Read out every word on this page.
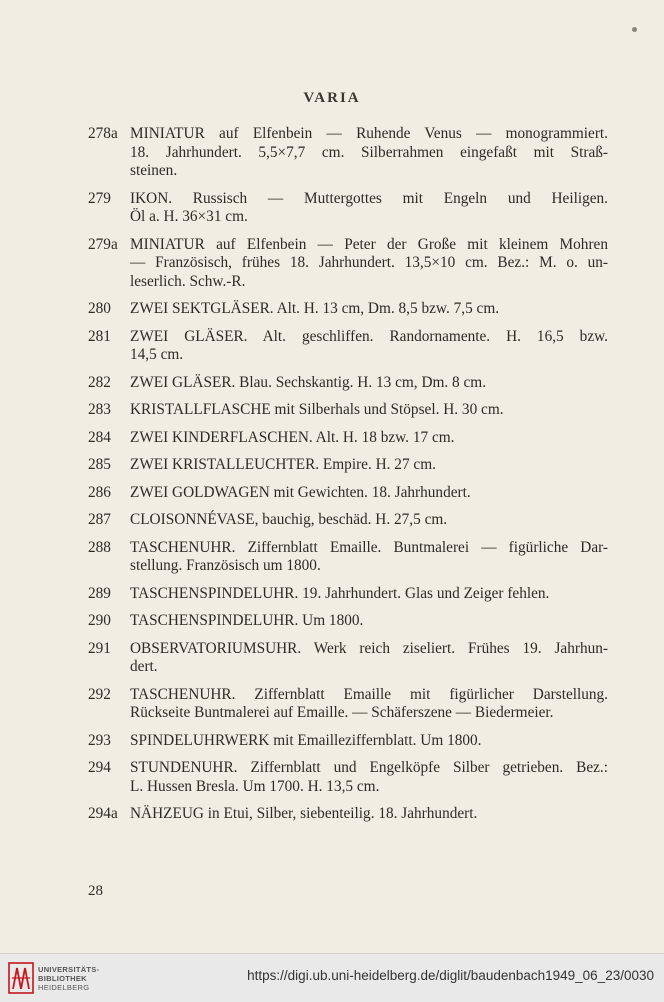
VARIA
278a MINIATUR auf Elfenbein — Ruhende Venus — monogrammiert.
18. Jahrhundert. 5,5×7,7 cm. Silberrahmen eingefaßt mit Straß-
steinen.
279	IKON. Russisch — Muttergottes mit Engeln und Heiligen.
Öl a. H. 36×31 cm.
279a MINIATUR auf Elfenbein — Peter der Große mit kleinem Mohren
— Französisch, frühes 18. Jahrhundert. 13,5×10 cm. Bez.: M. o. un-
leserlich. Schw.-R.
280	ZWEI SEKTGLÄSER. Alt. H. 13 cm, Dm. 8,5 bzw. 7,5 cm.
281	ZWEI GLÄSER. Alt. geschliffen. Randornamente. H. 16,5 bzw.
14,5 cm.
282	ZWEI GLÄSER. Blau. Sechskantig. H. 13 cm, Dm. 8 cm.
283	KRISTALLFLASCHE mit Silberhals und Stöpsel. H. 30 cm.
284	ZWEI KINDERFLASCHEN. Alt. H. 18 bzw. 17 cm.
285	ZWEI KRISTALLEUCHTER. Empire. H. 27 cm.
286	ZWEI GOLDWAGEN mit Gewichten. 18. Jahrhundert.
287	CLOISONNÉVASE, bauchig, beschäd. H. 27,5 cm.
288	TASCHENUHR. Ziffernblatt Emaille. Buntmalerei — figürliche Dar-
stellung. Französisch um 1800.
289	TASCHENSPINDELUHR. 19. Jahrhundert. Glas und Zeiger fehlen.
290	TASCHENSPINDELUHR. Um 1800.
291	OBSERVATORIUMSUHR. Werk reich ziseliert. Frühes 19. Jahrhun-
dert.
292	TASCHENUHR. Ziffernblatt Emaille mit figürlicher Darstellung.
Rückseite Buntmalerei auf Emaille. — Schäferszene — Biedermeier.
293	SPINDELUHRWERK mit Emailleziffernblatt. Um 1800.
294	STUNDENUHR. Ziffernblatt und Engelköpfe Silber getrieben. Bez.:
L. Hussen Bresla. Um 1700. H. 13,5 cm.
294a NÄHZEUG in Etui, Silber, siebenteilig. 18. Jahrhundert.
28
UNIVERSITÄTS-
BIBLIOTHEK
HEIDELBERG
https://digi.ub.uni-heidelberg.de/diglit/baudenbach1949_06_23/0030
